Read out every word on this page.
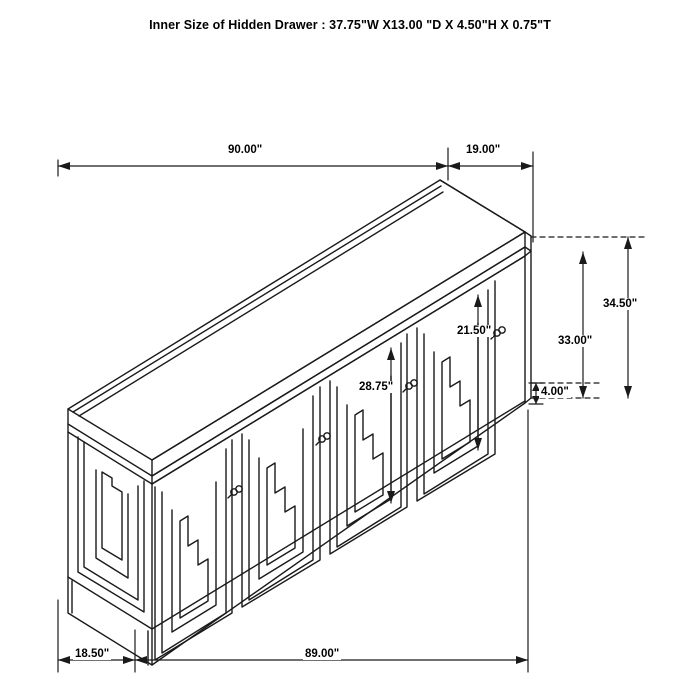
Inner Size of Hidden Drawer : 37.75"W X13.00 "D X 4.50"H X 0.75"T
90.00"	19.00"
34.50"
33.00"
4.00"
21.50"
28.75"
18.50"	89.00"
